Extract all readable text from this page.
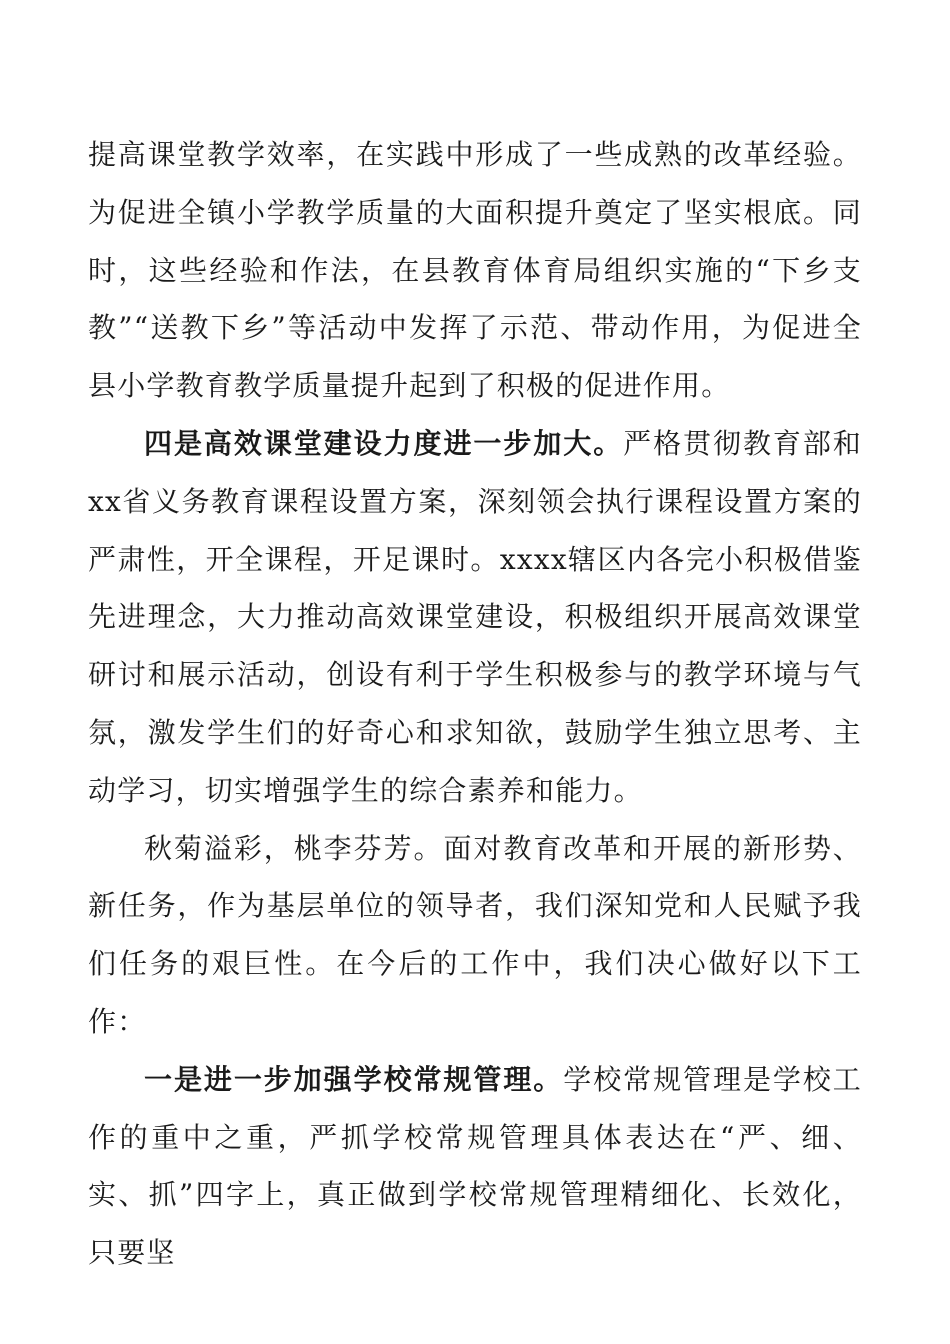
提高课堂教学效率，在实践中形成了一些成熟的改革经验。为促进全镇小学教学质量的大面积提升奠定了坚实根底。同时，这些经验和作法，在县教育体育局组织实施的“下乡支教”“送教下乡”等活动中发挥了示范、带动作用，为促进全县小学教育教学质量提升起到了积极的促进作用。

四是高效课堂建设力度进一步加大。严格贯彻教育部和xx省义务教育课程设置方案，深刻领会执行课程设置方案的严肃性，开全课程，开足课时。xxxx辖区内各完小积极借鉴先进理念，大力推动高效课堂建设，积极组织开展高效课堂研讨和展示活动，创设有利于学生积极参与的教学环境与气氛，激发学生们的好奇心和求知欲，鼓励学生独立思考、主动学习，切实增强学生的综合素养和能力。

秋菊溢彩，桃李芬芳。面对教育改革和开展的新形势、新任务，作为基层单位的领导者，我们深知党和人民赋予我们任务的艰巨性。在今后的工作中，我们决心做好以下工作：

一是进一步加强学校常规管理。学校常规管理是学校工作的重中之重，严抓学校常规管理具体表达在“严、细、实、抓”四字上，真正做到学校常规管理精细化、长效化，只要坚
